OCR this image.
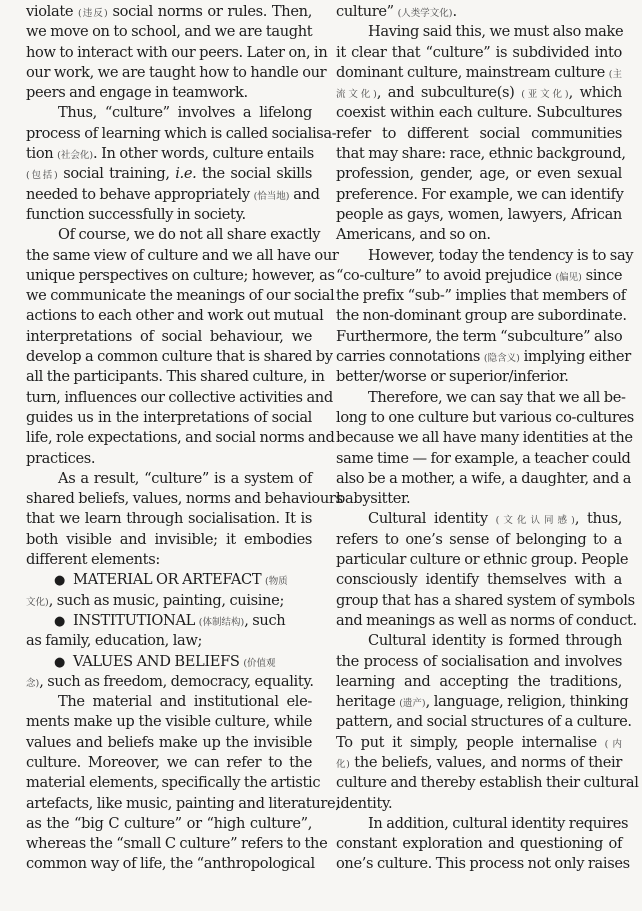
violate (违反) social norms or rules. Then,
we move on to school, and we are taught
how to interact with our peers. Later on, in
our work, we are taught how to handle our
peers and engage in teamwork.
Thus, “culture” involves a lifelong
process of learning which is called socialisa-
tion (社会化). In other words, culture entails
(包括) social training, i.e. the social skills
needed to behave appropriately (恰当地) and
function successfully in society.
Of course, we do not all share exactly
the same view of culture and we all have our
unique perspectives on culture; however, as
we communicate the meanings of our social
actions to each other and work out mutual
interpretations of social behaviour, we
develop a common culture that is shared by
all the participants. This shared culture, in
turn, influences our collective activities and
guides us in the interpretations of social
life, role expectations, and social norms and
practices.
As a result, “culture” is a system of
shared beliefs, values, norms and behaviours
that we learn through socialisation. It is
both visible and invisible; it embodies
different elements:
● MATERIAL OR ARTEFACT (物质
文化), such as music, painting, cuisine;
● INSTITUTIONAL (体制结构), such
as family, education, law;
● VALUES AND BELIEFS (价值观
念), such as freedom, democracy, equality.
The material and institutional ele-
ments make up the visible culture, while
values and beliefs make up the invisible
culture. Moreover, we can refer to the
material elements, specifically the artistic
artefacts, like music, painting and literature,
as the “big C culture” or “high culture”,
whereas the “small C culture” refers to the
common way of life, the “anthropological
culture” (人类学文化).
Having said this, we must also make
it clear that “culture” is subdivided into
dominant culture, mainstream culture (主
流文化), and subculture(s) (亚文化), which
coexist within each culture. Subcultures
refer to different social communities
that may share: race, ethnic background,
profession, gender, age, or even sexual
preference. For example, we can identify
people as gays, women, lawyers, African
Americans, and so on.
However, today the tendency is to say
“co-culture” to avoid prejudice (偏见) since
the prefix “sub-” implies that members of
the non-dominant group are subordinate.
Furthermore, the term “subculture” also
carries connotations (隐含义) implying either
better/worse or superior/inferior.
Therefore, we can say that we all be-
long to one culture but various co-cultures
because we all have many identities at the
same time — for example, a teacher could
also be a mother, a wife, a daughter, and a
babysitter.
Cultural identity (文化认同感), thus,
refers to one’s sense of belonging to a
particular culture or ethnic group. People
consciously identify themselves with a
group that has a shared system of symbols
and meanings as well as norms of conduct.
Cultural identity is formed through
the process of socialisation and involves
learning and accepting the traditions,
heritage (遗产), language, religion, thinking
pattern, and social structures of a culture.
To put it simply, people internalise (内
化) the beliefs, values, and norms of their
culture and thereby establish their cultural
identity.
In addition, cultural identity requires
constant exploration and questioning of
one’s culture. This process not only raises
